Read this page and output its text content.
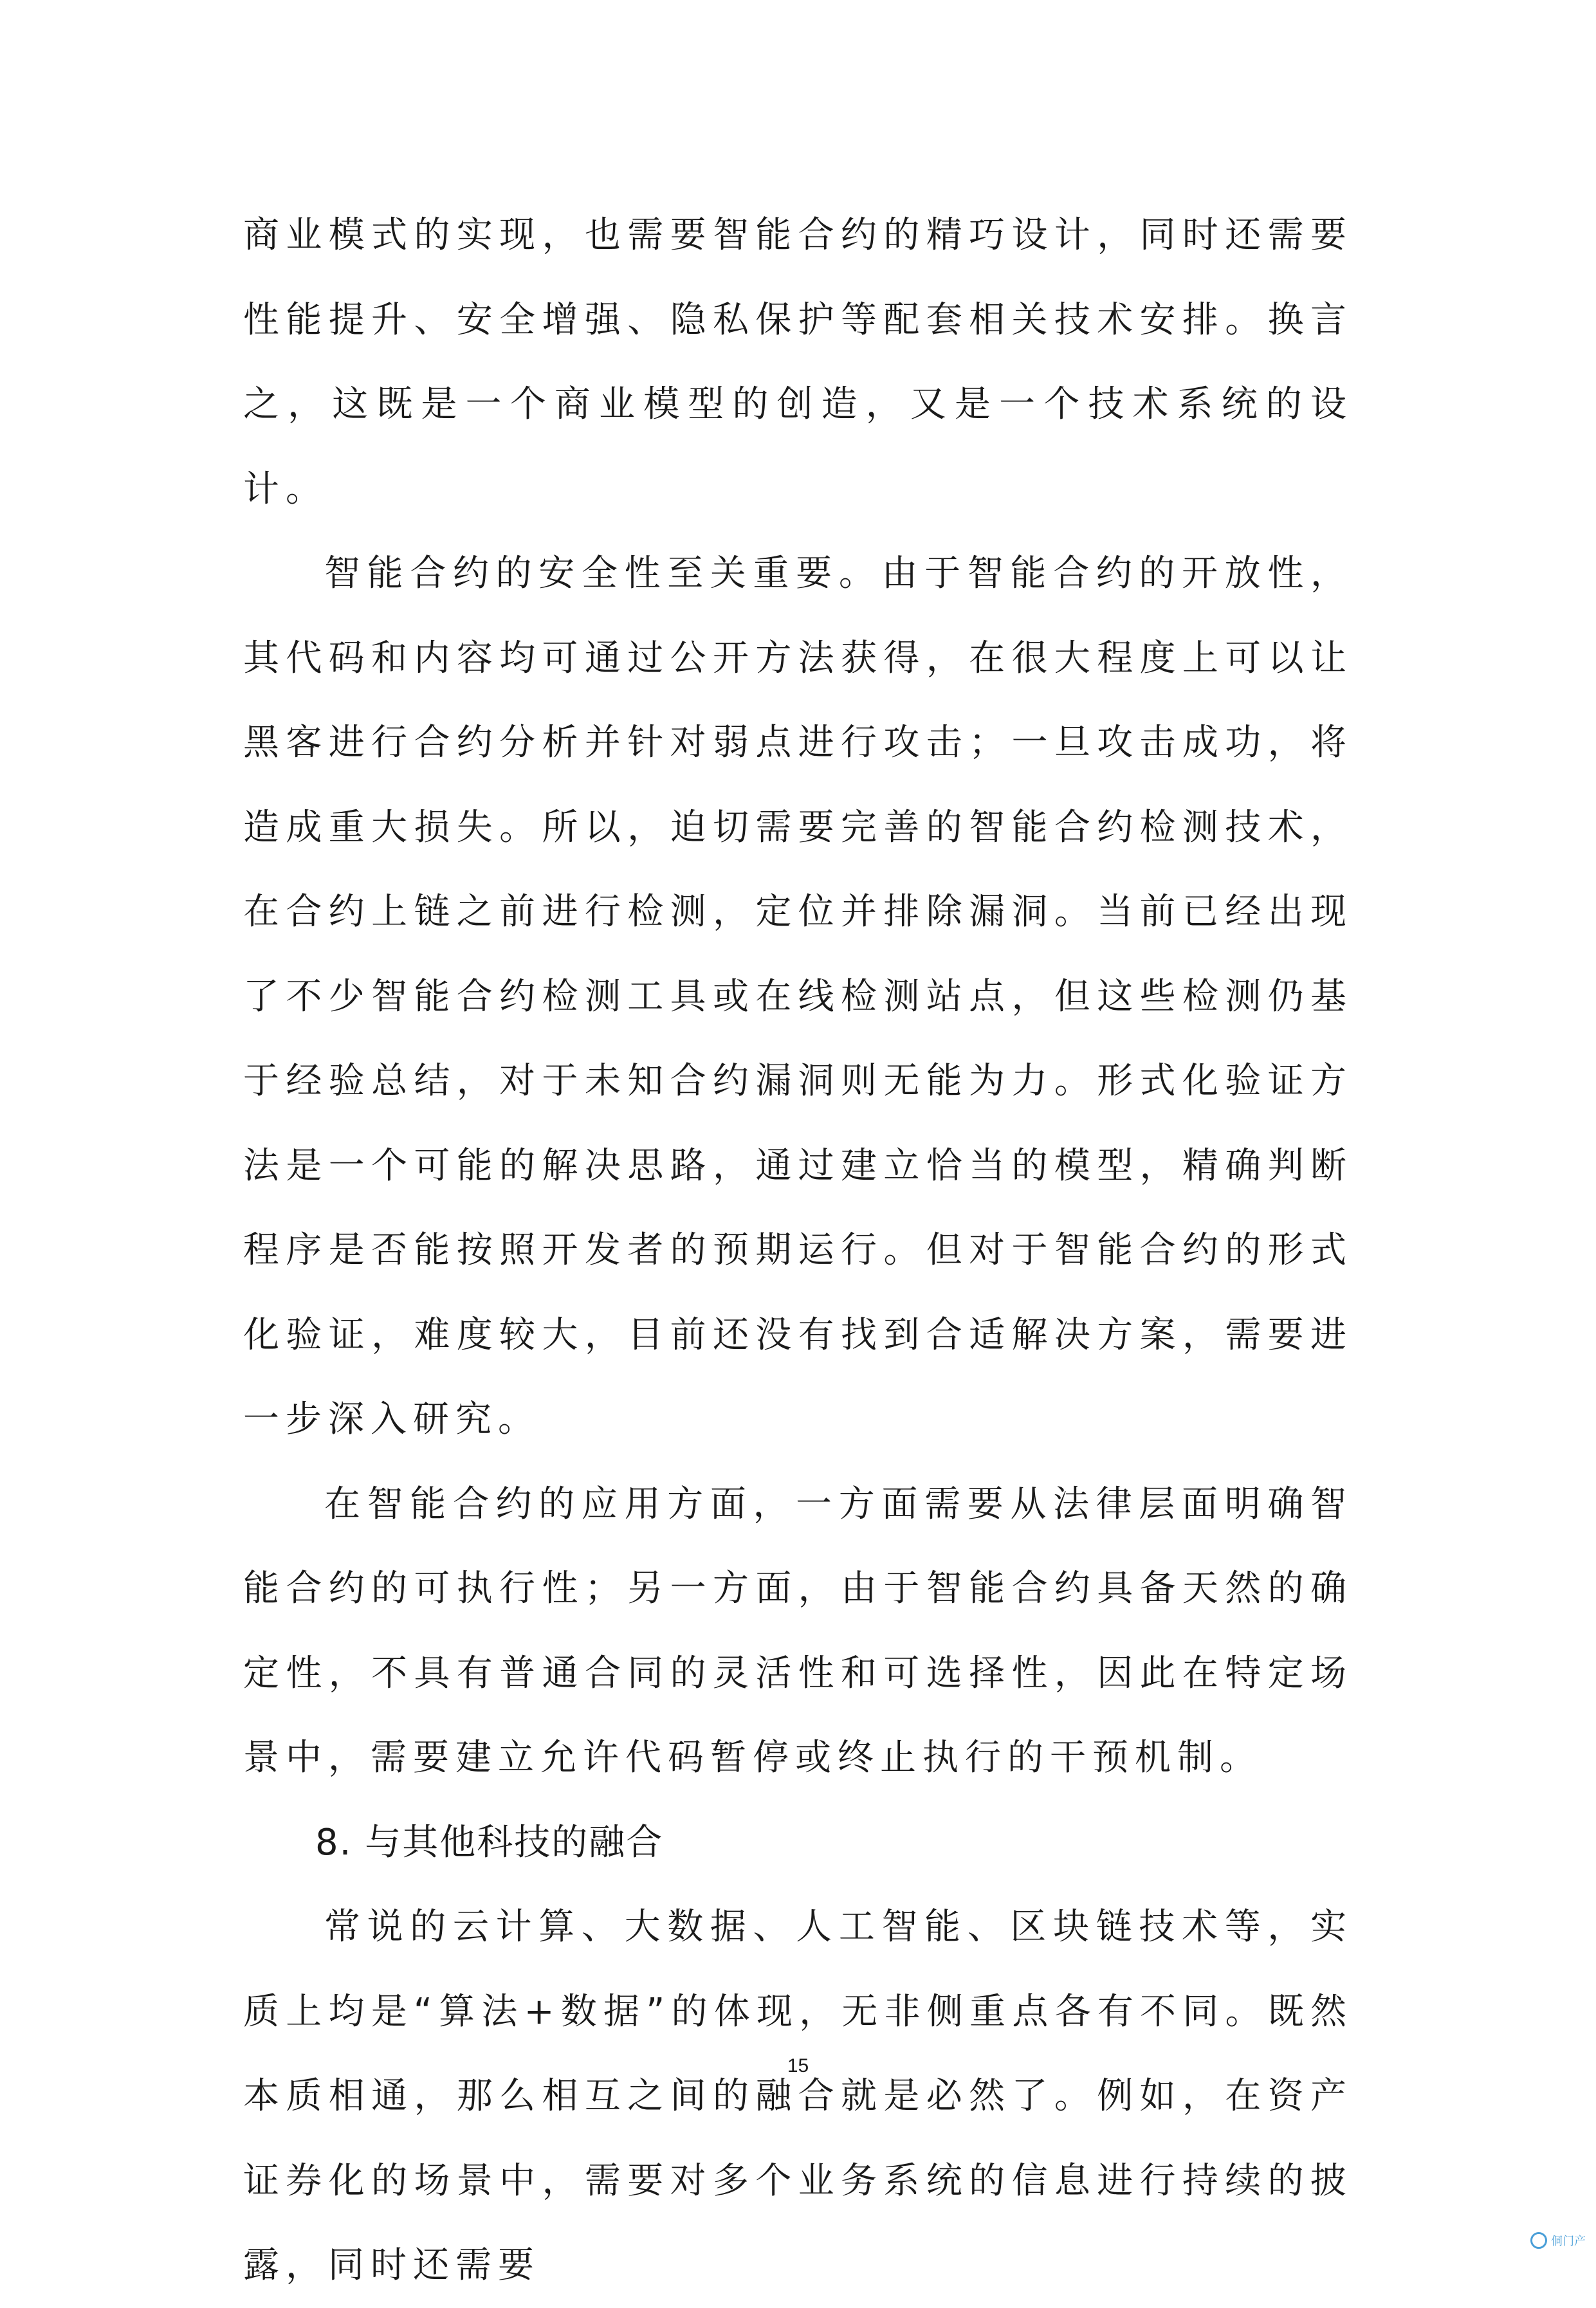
商业模式的实现，也需要智能合约的精巧设计，同时还需要性能提升、安全增强、隐私保护等配套相关技术安排。换言之，这既是一个商业模型的创造，又是一个技术系统的设计。

智能合约的安全性至关重要。由于智能合约的开放性，其代码和内容均可通过公开方法获得，在很大程度上可以让黑客进行合约分析并针对弱点进行攻击；一旦攻击成功，将造成重大损失。所以，迫切需要完善的智能合约检测技术，在合约上链之前进行检测，定位并排除漏洞。当前已经出现了不少智能合约检测工具或在线检测站点，但这些检测仍基于经验总结，对于未知合约漏洞则无能为力。形式化验证方法是一个可能的解决思路，通过建立恰当的模型，精确判断程序是否能按照开发者的预期运行。但对于智能合约的形式化验证，难度较大，目前还没有找到合适解决方案，需要进一步深入研究。

在智能合约的应用方面，一方面需要从法律层面明确智能合约的可执行性；另一方面，由于智能合约具备天然的确定性，不具有普通合同的灵活性和可选择性，因此在特定场景中，需要建立允许代码暂停或终止执行的干预机制。

8. 与其他科技的融合

常说的云计算、大数据、人工智能、区块链技术等，实质上均是“算法+数据”的体现，无非侧重点各有不同。既然本质相通，那么相互之间的融合就是必然了。例如，在资产证券化的场景中，需要对多个业务系统的信息进行持续的披露，同时还需要

15
侗门产
